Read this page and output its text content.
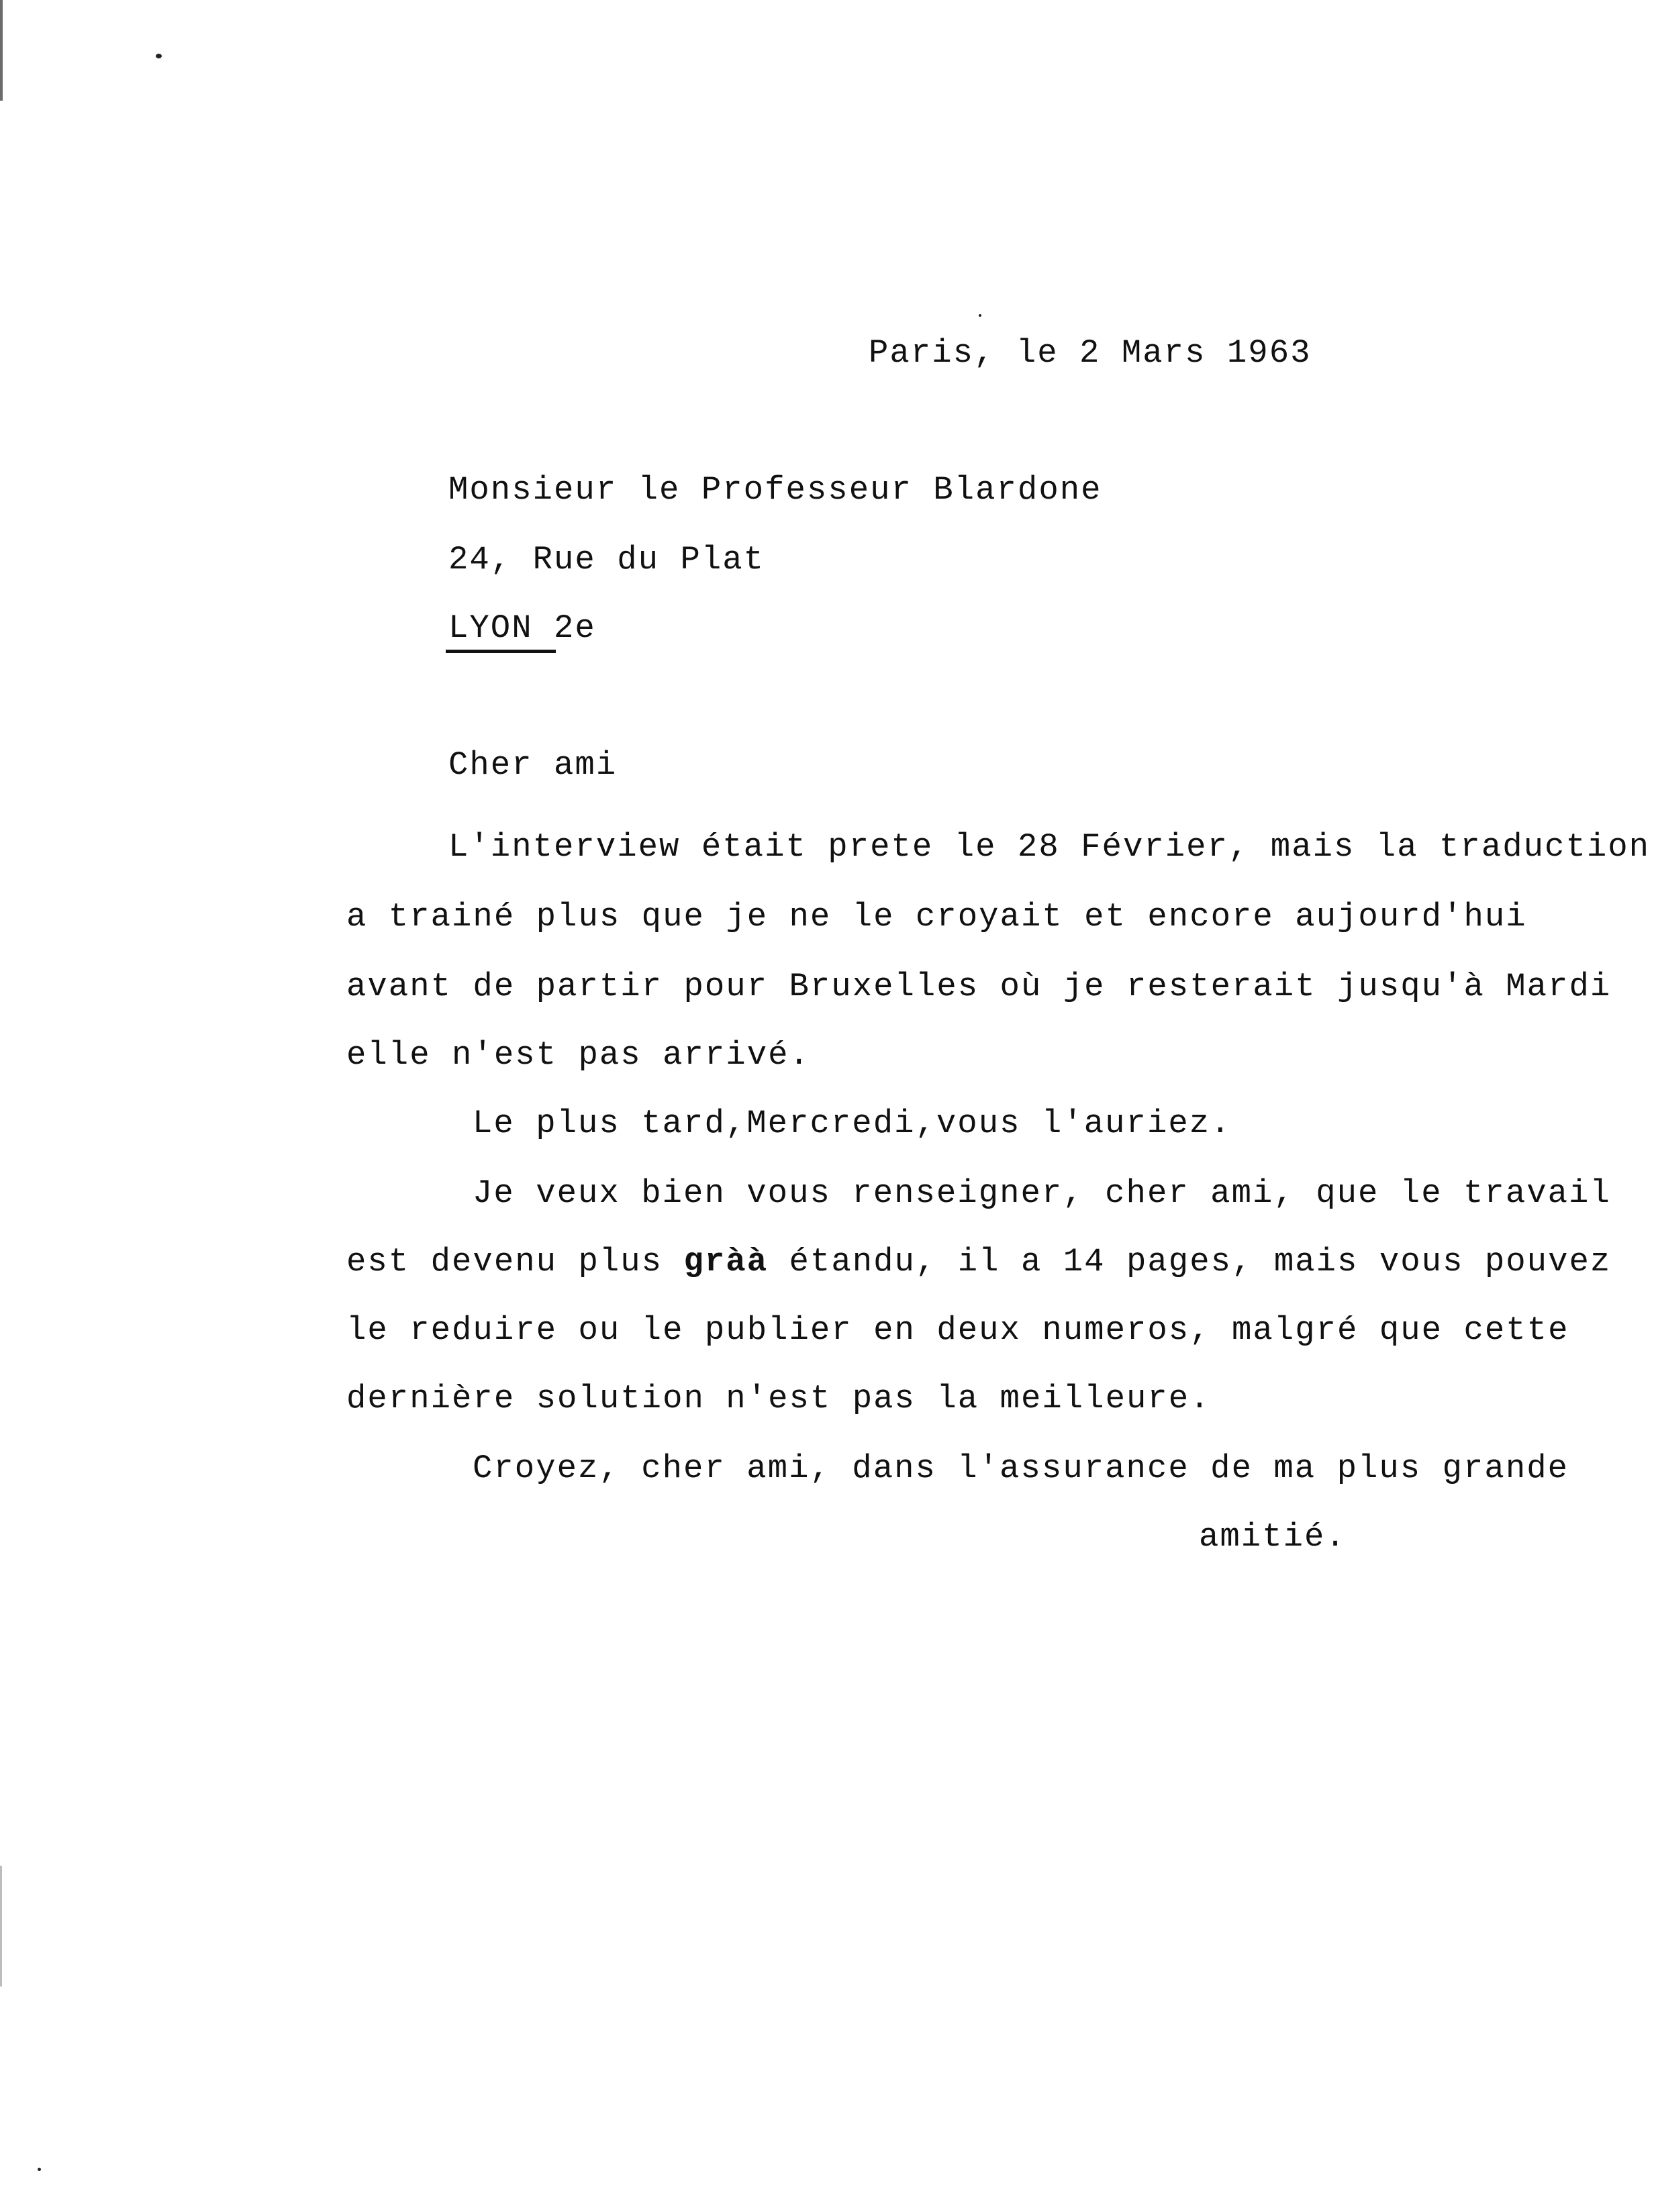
Paris, le 2 Mars 1963
Monsieur le Professeur Blardone
24, Rue du Plat
LYON 2e
Cher ami
L'interview était prete le 28 Février, mais la traduction
a trainé plus que je ne le croyait et encore aujourd'hui
avant de partir pour Bruxelles où je resterait jusqu'à Mardi
elle n'est pas arrivé.
Le plus tard,Mercredi,vous l'auriez.
Je veux bien vous renseigner, cher ami, que le travail
est devenu plus gràà étandu, il a 14 pages, mais vous pouvez
le reduire ou le publier en deux numeros, malgré que cette
dernière solution n'est pas la meilleure.
Croyez, cher ami, dans l'assurance de ma plus grande
amitié.
